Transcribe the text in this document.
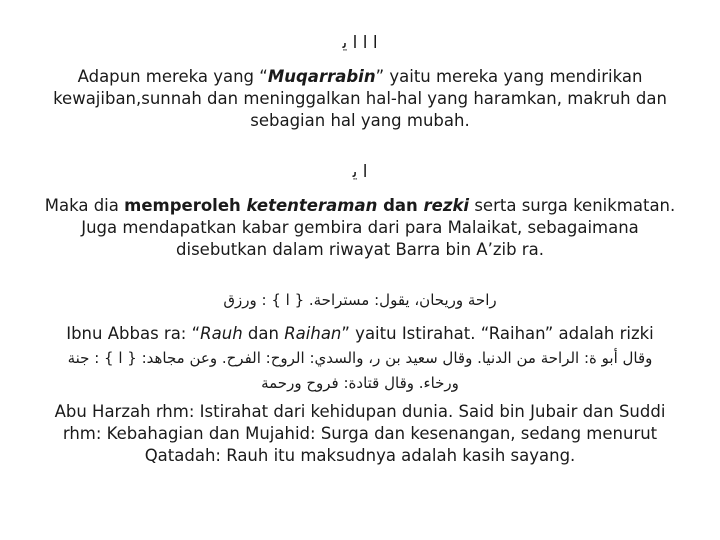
ا ا ا ﻳ
Adapun mereka yang “Muqarrabin” yaitu mereka yang mendirikan
kewajiban,sunnah dan meninggalkan hal-hal yang haramkan, makruh dan
sebagian hal yang mubah.
ا ﻳ
Maka dia memperoleh ketenteraman dan rezki serta surga kenikmatan.
Juga mendapatkan kabar gembira dari para Malaikat, sebagaimana
disebutkan dalam riwayat Barra bin A’zib ra.
راحة وريحان، يقول: مستراحة. { ا } : ورزق
Ibnu Abbas ra: “Rauh dan Raihan” yaitu Istirahat. “Raihan” adalah rizki
وقال أبو ة: الراحة من الدنيا. وقال سعيد بن ر، والسدي: الروح: الفرح. وعن مجاهد: { ا } : جنة
ورخاء. وقال قتادة: فروح ورحمة
Abu Harzah rhm: Istirahat dari kehidupan dunia. Said bin Jubair dan Suddi
rhm: Kebahagian dan Mujahid: Surga dan kesenangan, sedang menurut
Qatadah: Rauh itu maksudnya adalah kasih sayang.
